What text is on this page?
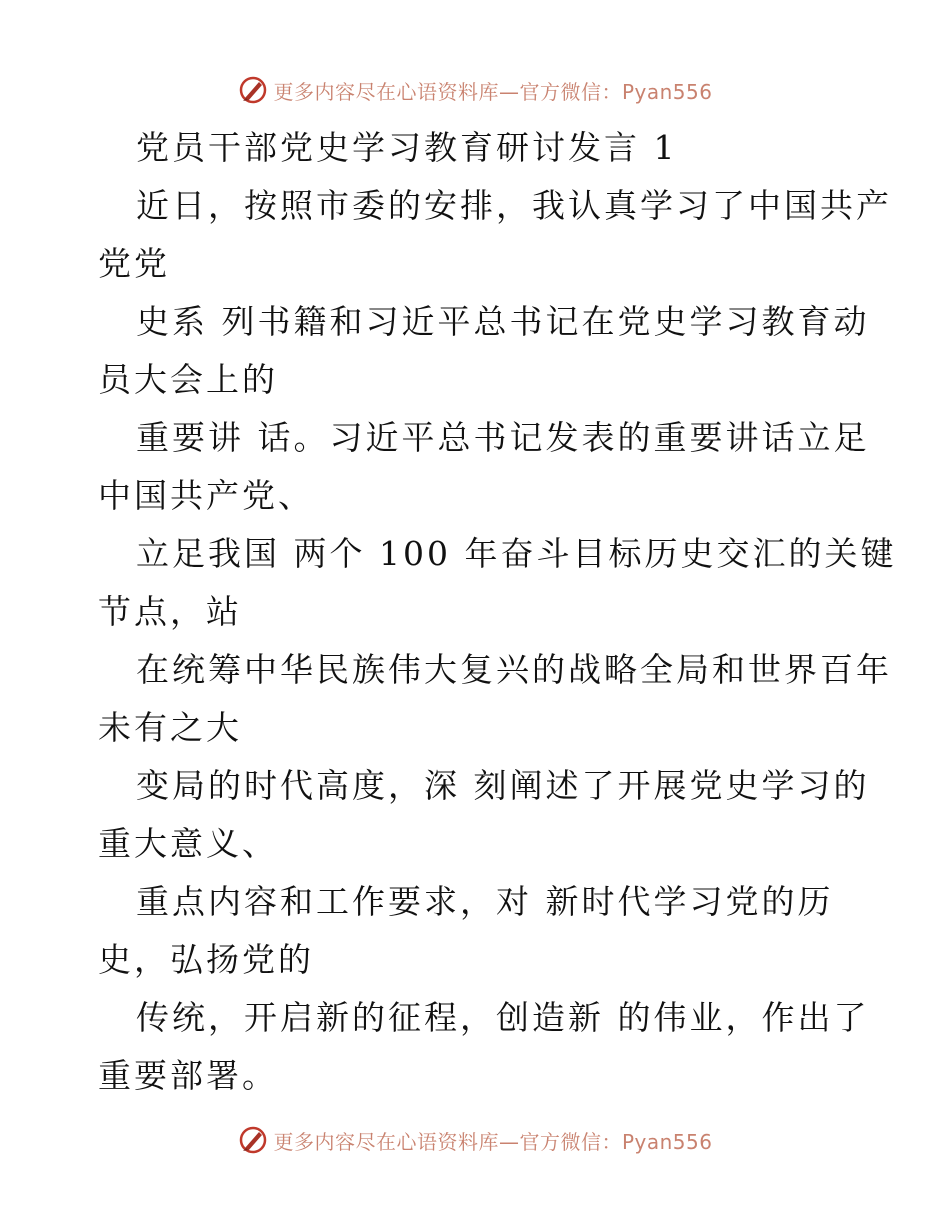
更多内容尽在心语资料库—官方微信：Pyan556
党员干部党史学习教育研讨发言 1
近日，按照市委的安排，我认真学习了中国共产
党党
史系 列书籍和习近平总书记在党史学习教育动
员大会上的
重要讲 话。习近平总书记发表的重要讲话立足
中国共产党、
立足我国 两个 100 年奋斗目标历史交汇的关键
节点，站
在统筹中华民族伟大复兴的战略全局和世界百年
未有之大
变局的时代高度，深 刻阐述了开展党史学习的
重大意义、
重点内容和工作要求，对 新时代学习党的历
史，弘扬党的
传统，开启新的征程，创造新 的伟业，作出了
重要部署。
更多内容尽在心语资料库—官方微信：Pyan556
